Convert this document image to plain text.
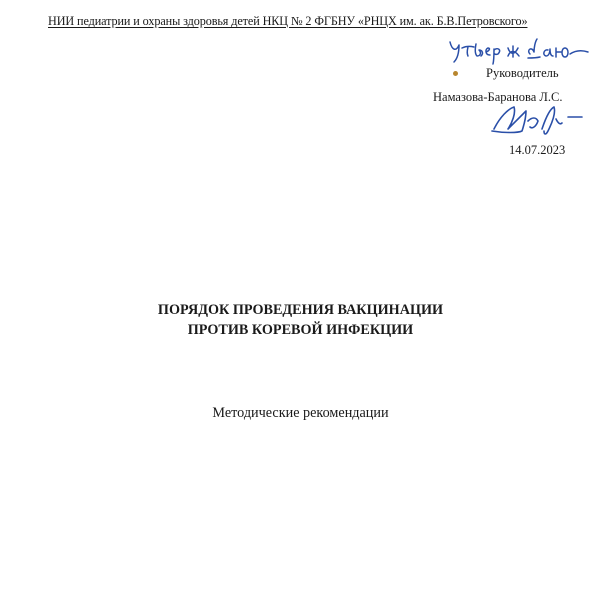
НИИ педиатрии и охраны здоровья детей НКЦ № 2 ФГБНУ «РНЦХ им. ак. Б.В.Петровского»
Руководитель
Намазова-Баранова Л.С.
14.07.2023
ПОРЯДОК ПРОВЕДЕНИЯ ВАКЦИНАЦИИ
ПРОТИВ КОРЕВОЙ ИНФЕКЦИИ
Методические рекомендации
